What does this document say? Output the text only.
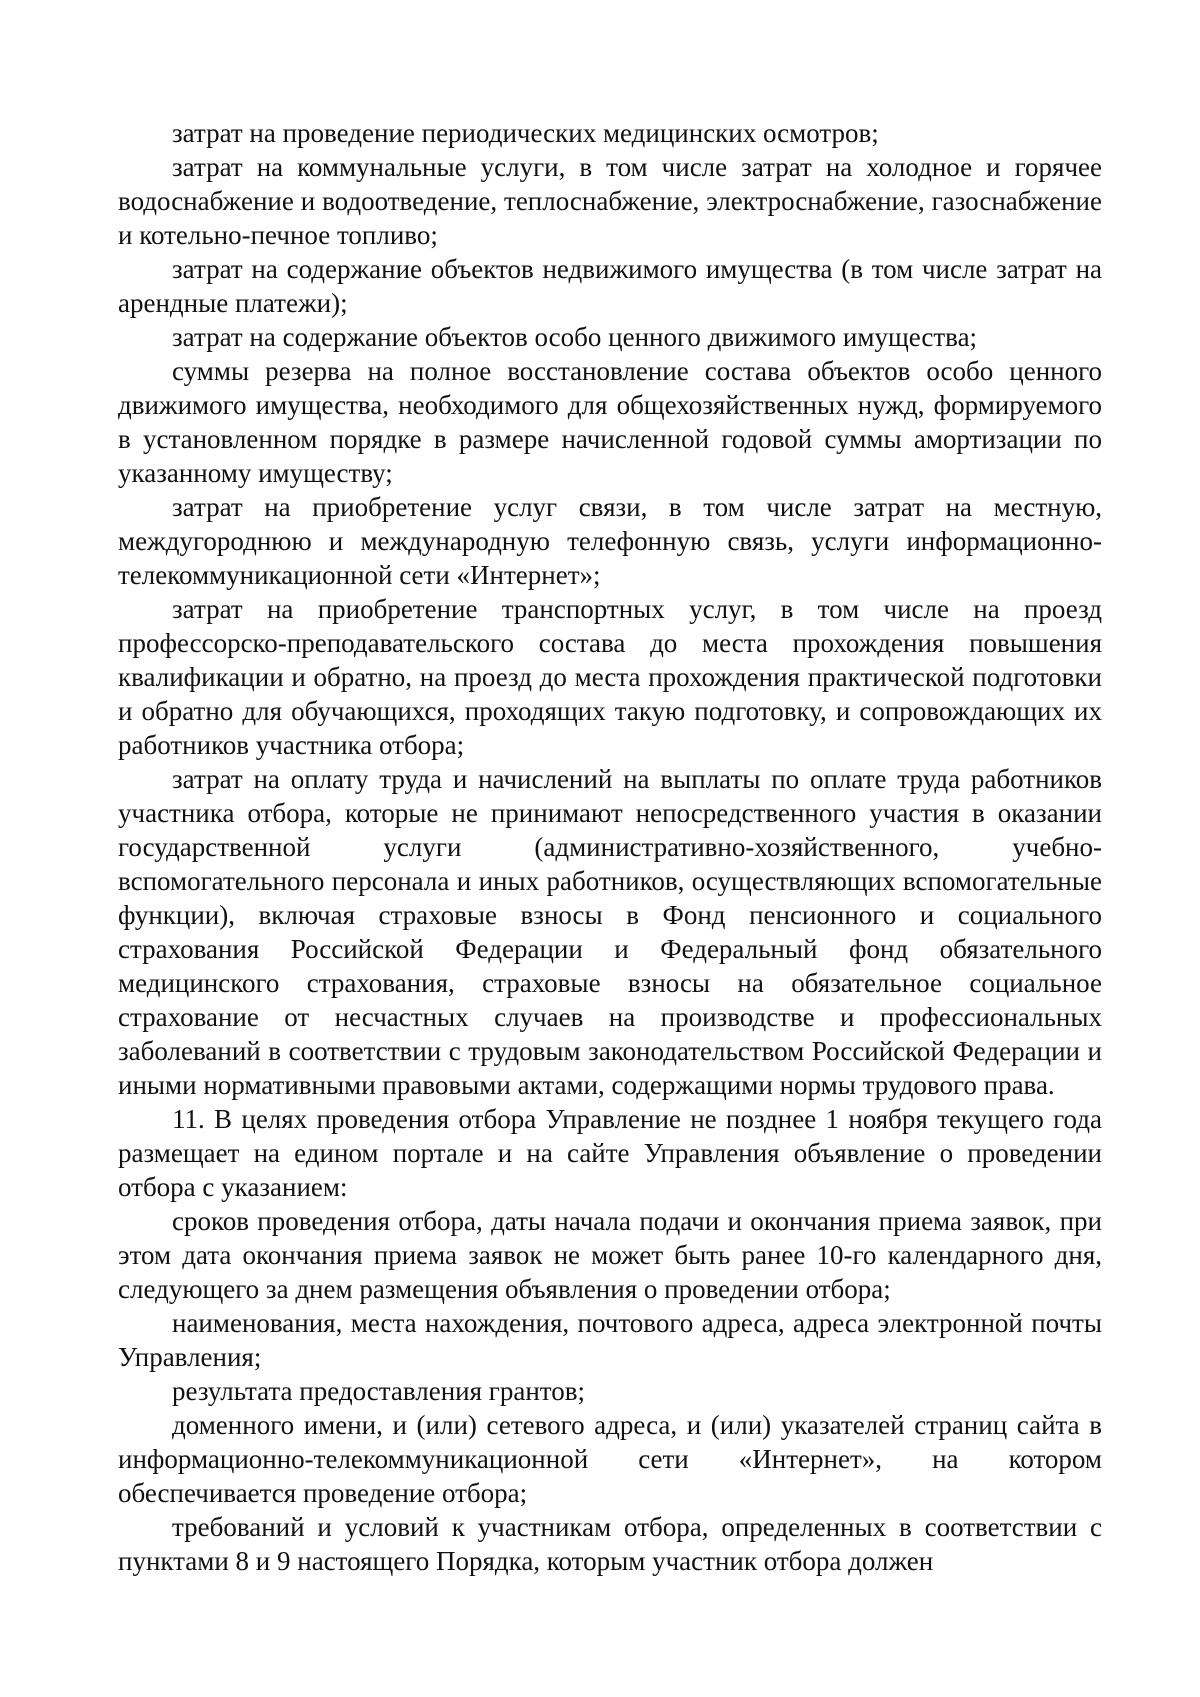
затрат на проведение периодических медицинских осмотров;

затрат на коммунальные услуги, в том числе затрат на холодное и горячее водоснабжение и водоотведение, теплоснабжение, электроснабжение, газоснабжение и котельно-печное топливо;

затрат на содержание объектов недвижимого имущества (в том числе затрат на арендные платежи);

затрат на содержание объектов особо ценного движимого имущества;

суммы резерва на полное восстановление состава объектов особо ценного движимого имущества, необходимого для общехозяйственных нужд, формируемого в установленном порядке в размере начисленной годовой суммы амортизации по указанному имуществу;

затрат на приобретение услуг связи, в том числе затрат на местную, междугороднюю и международную телефонную связь, услуги информационно-телекоммуникационной сети «Интернет»;

затрат на приобретение транспортных услуг, в том числе на проезд профессорско-преподавательского состава до места прохождения повышения квалификации и обратно, на проезд до места прохождения практической подготовки и обратно для обучающихся, проходящих такую подготовку, и сопровождающих их работников участника отбора;

затрат на оплату труда и начислений на выплаты по оплате труда работников участника отбора, которые не принимают непосредственного участия в оказании государственной услуги (административно-хозяйственного, учебно-вспомогательного персонала и иных работников, осуществляющих вспомогательные функции), включая страховые взносы в Фонд пенсионного и социального страхования Российской Федерации и Федеральный фонд обязательного медицинского страхования, страховые взносы на обязательное социальное страхование от несчастных случаев на производстве и профессиональных заболеваний в соответствии с трудовым законодательством Российской Федерации и иными нормативными правовыми актами, содержащими нормы трудового права.

11. В целях проведения отбора Управление не позднее 1 ноября текущего года размещает на едином портале и на сайте Управления объявление о проведении отбора с указанием:

сроков проведения отбора, даты начала подачи и окончания приема заявок, при этом дата окончания приема заявок не может быть ранее 10-го календарного дня, следующего за днем размещения объявления о проведении отбора;

наименования, места нахождения, почтового адреса, адреса электронной почты Управления;

результата предоставления грантов;

доменного имени, и (или) сетевого адреса, и (или) указателей страниц сайта в информационно-телекоммуникационной сети «Интернет», на котором обеспечивается проведение отбора;

требований и условий к участникам отбора, определенных в соответствии с пунктами 8 и 9 настоящего Порядка, которым участник отбора должен
